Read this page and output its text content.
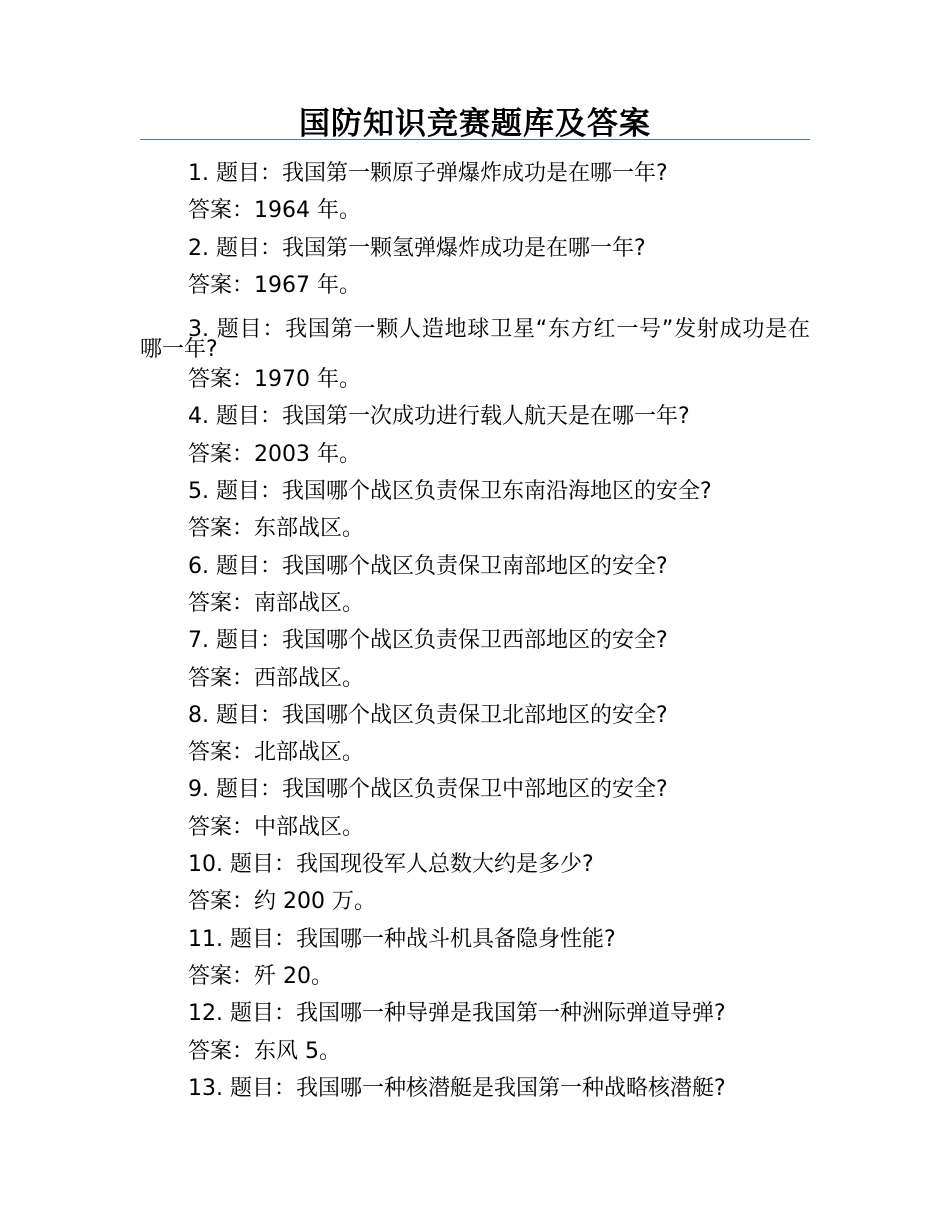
国防知识竞赛题库及答案
1. 题目：我国第一颗原子弹爆炸成功是在哪一年?
答案：1964 年。
2. 题目：我国第一颗氢弹爆炸成功是在哪一年?
答案：1967 年。
3. 题目：我国第一颗人造地球卫星“东方红一号”发射成功是在哪一年?
答案：1970 年。
4. 题目：我国第一次成功进行载人航天是在哪一年?
答案：2003 年。
5. 题目：我国哪个战区负责保卫东南沿海地区的安全?
答案：东部战区。
6. 题目：我国哪个战区负责保卫南部地区的安全?
答案：南部战区。
7. 题目：我国哪个战区负责保卫西部地区的安全?
答案：西部战区。
8. 题目：我国哪个战区负责保卫北部地区的安全?
答案：北部战区。
9. 题目：我国哪个战区负责保卫中部地区的安全?
答案：中部战区。
10. 题目：我国现役军人总数大约是多少?
答案：约 200 万。
11. 题目：我国哪一种战斗机具备隐身性能?
答案：歼 20。
12. 题目：我国哪一种导弹是我国第一种洲际弹道导弹?
答案：东风 5。
13. 题目：我国哪一种核潜艇是我国第一种战略核潜艇?
